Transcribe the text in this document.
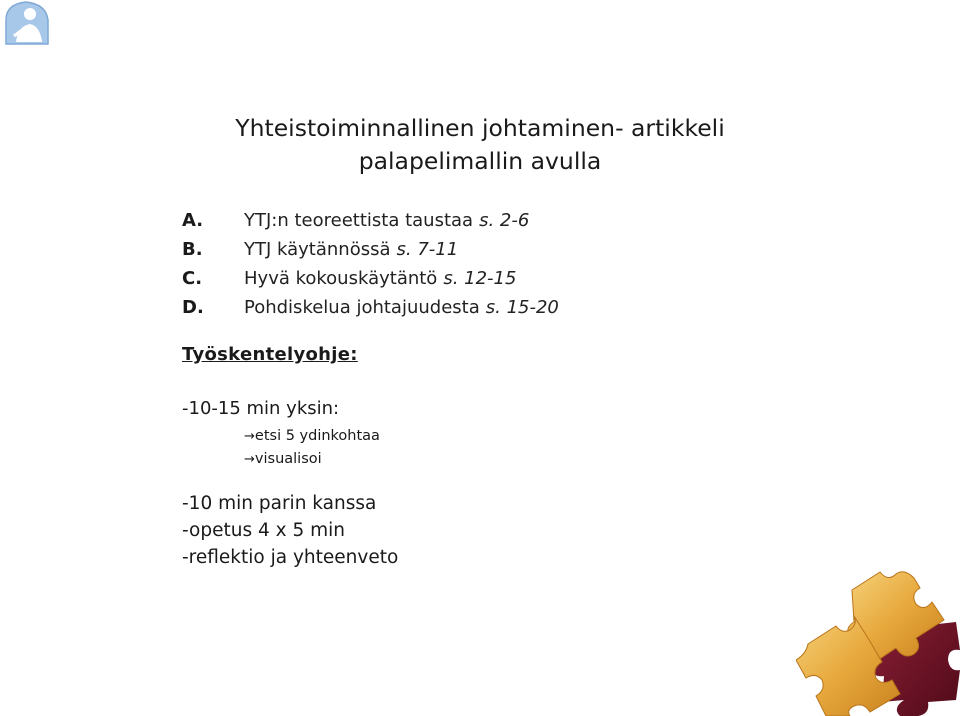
Yhteistoiminnallinen johtaminen- artikkeli
palapelimallin avulla
A. YTJ:n teoreettista taustaa s. 2-6
B. YTJ käytännössä s. 7-11
C. Hyvä kokouskäytäntö s. 12-15
D. Pohdiskelua johtajuudesta s. 15-20
Työskentelyohje:
-10-15 min yksin:
→etsi 5 ydinkohtaa
→visualisoi
-10 min parin kanssa
-opetus 4 x 5 min
-reflektio ja yhteenveto
